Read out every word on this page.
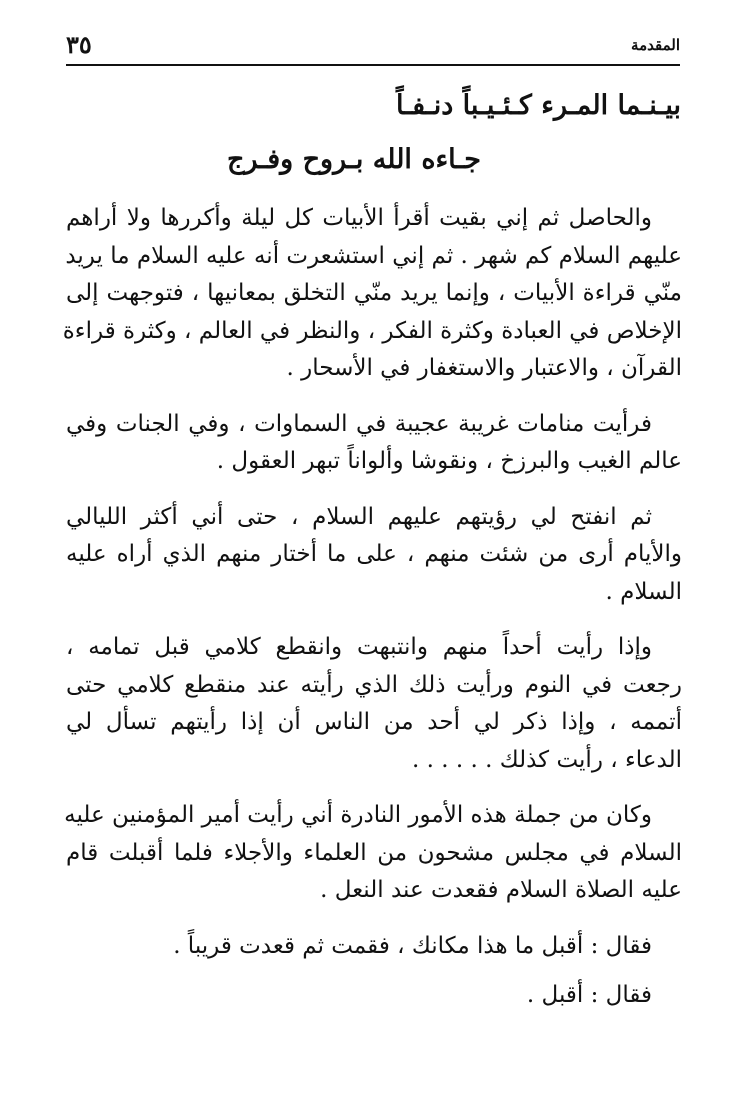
٣٥	المقدمة
بيـنـما المـرء كـئـيـباً دنـفـاً
جـاءه الله بـروح وفـرج
والحاصل ثم إني بقيت أقرأ الأبيات كل ليلة وأكررها ولا أراهم
عليهم السلام كم شهر . ثم إني استشعرت أنه عليه السلام ما يريد
منّي قراءة الأبيات ، وإنما يريد منّي التخلق بمعانيها ، فتوجهت إلى
الإخلاص في العبادة وكثرة الفكر ، والنظر في العالم ، وكثرة قراءة
القرآن ، والاعتبار والاستغفار في الأسحار .
فرأيت منامات غريبة عجيبة في السماوات ، وفي الجنات وفي
عالم الغيب والبرزخ ، ونقوشا وألواناً تبهر العقول .
ثم انفتح لي رؤيتهم عليهم السلام ، حتى أني أكثر الليالي
والأيام أرى من شئت منهم ، على ما أختار منهم الذي أراه عليه
السلام .
وإذا رأيت أحداً منهم وانتبهت وانقطع كلامي قبل تمامه ،
رجعت في النوم ورأيت ذلك الذي رأيته عند منقطع كلامي حتى
أتممه ، وإذا ذكر لي أحد من الناس أن إذا رأيتهم تسأل لي
الدعاء ، رأيت كذلك . . . . . .
وكان من جملة هذه الأمور النادرة أني رأيت أمير المؤمنين عليه
السلام في مجلس مشحون من العلماء والأجلاء فلما أقبلت قام
عليه الصلاة السلام فقعدت عند النعل .
فقال : أقبل ما هذا مكانك ، فقمت ثم قعدت قريباً .
فقال : أقبل .
